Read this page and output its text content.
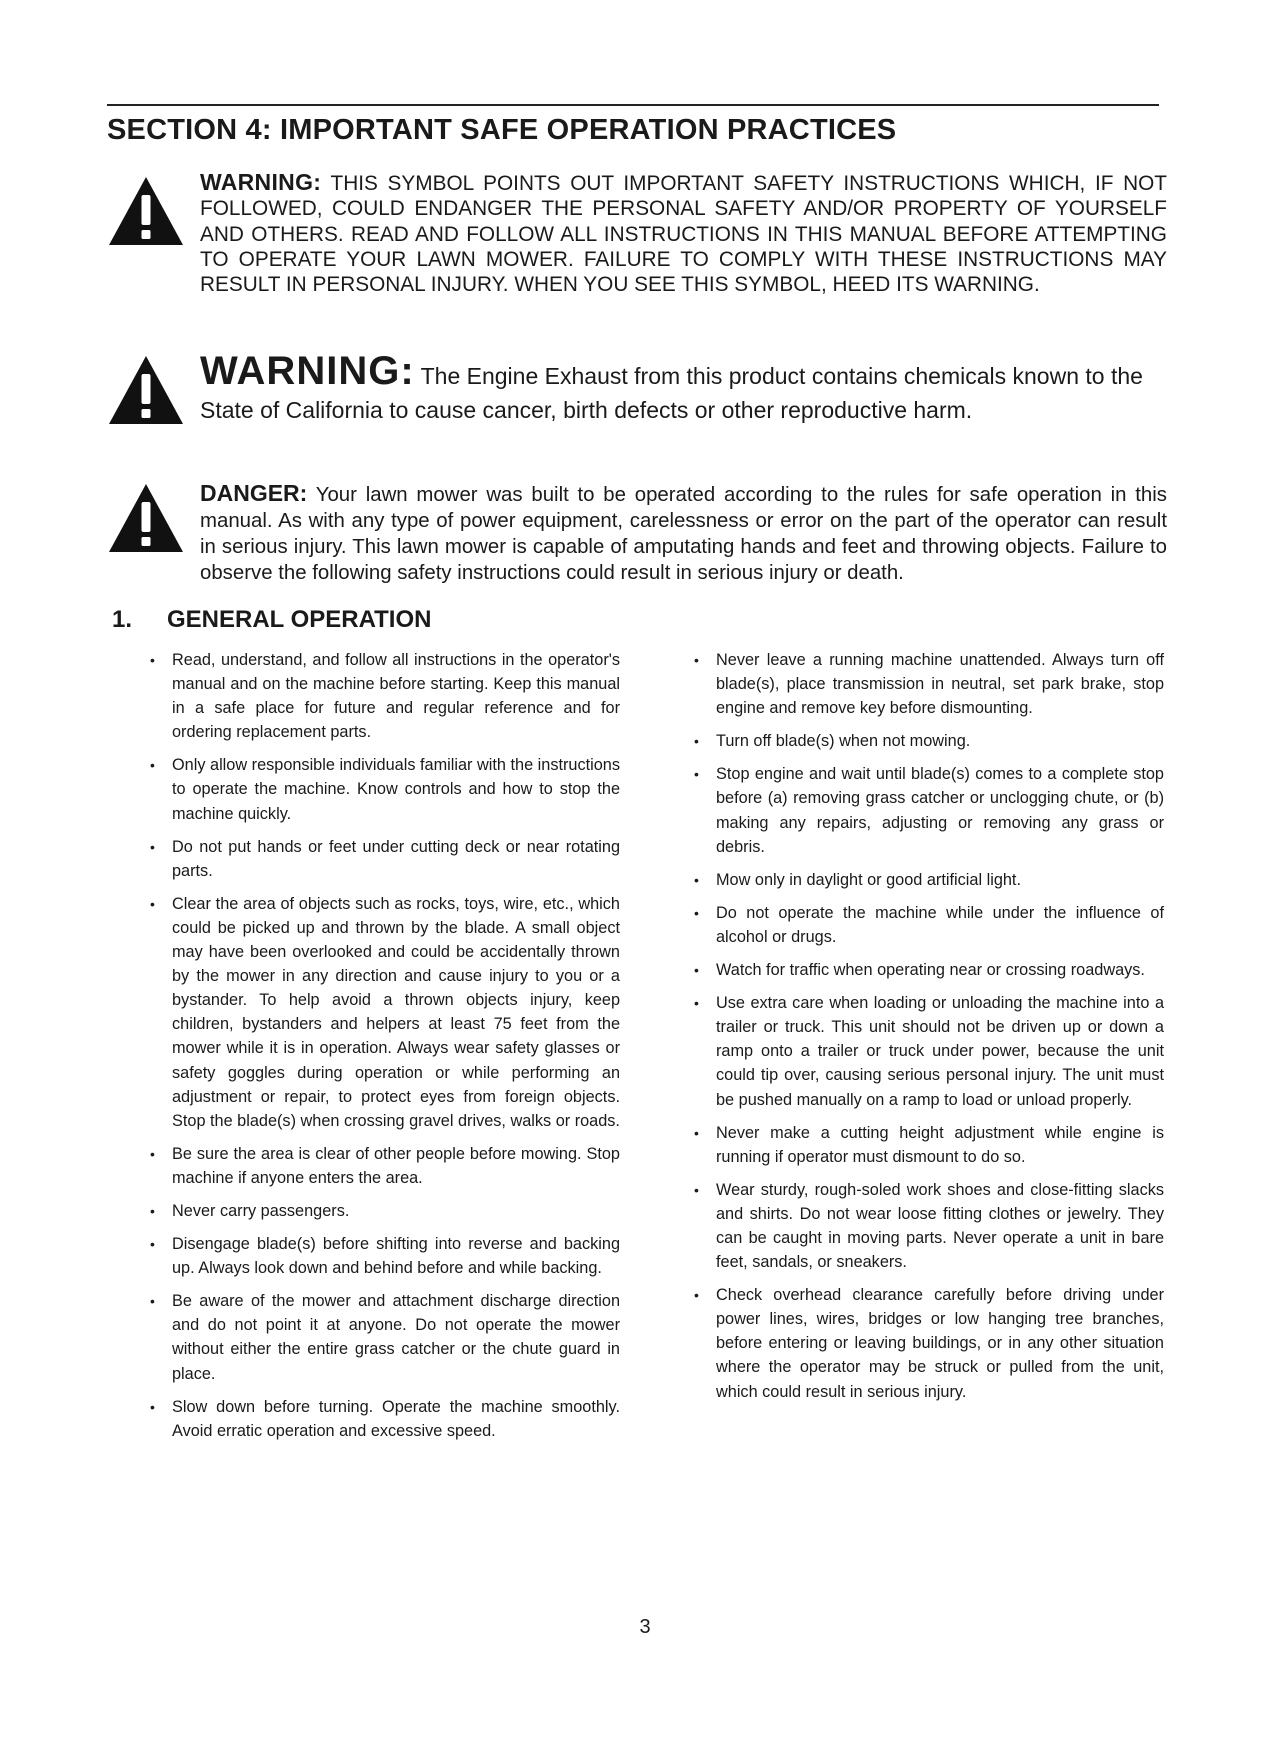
SECTION 4: IMPORTANT SAFE OPERATION PRACTICES
WARNING: THIS SYMBOL POINTS OUT IMPORTANT SAFETY INSTRUCTIONS WHICH, IF NOT FOLLOWED, COULD ENDANGER THE PERSONAL SAFETY AND/OR PROPERTY OF YOURSELF AND OTHERS. READ AND FOLLOW ALL INSTRUCTIONS IN THIS MANUAL BEFORE ATTEMPTING TO OPERATE YOUR LAWN MOWER. FAILURE TO COMPLY WITH THESE INSTRUCTIONS MAY RESULT IN PERSONAL INJURY. WHEN YOU SEE THIS SYMBOL, HEED ITS WARNING.
WARNING: The Engine Exhaust from this product contains chemicals known to the State of California to cause cancer, birth defects or other reproductive harm.
DANGER: Your lawn mower was built to be operated according to the rules for safe operation in this manual. As with any type of power equipment, carelessness or error on the part of the operator can result in serious injury. This lawn mower is capable of amputating hands and feet and throwing objects. Failure to observe the following safety instructions could result in serious injury or death.
1. GENERAL OPERATION
•	Read, understand, and follow all instructions in the operator's manual and on the machine before starting. Keep this manual in a safe place for future and regular reference and for ordering replacement parts.
•	Only allow responsible individuals familiar with the instructions to operate the machine. Know controls and how to stop the machine quickly.
•	Do not put hands or feet under cutting deck or near rotating parts.
•	Clear the area of objects such as rocks, toys, wire, etc., which could be picked up and thrown by the blade. A small object may have been overlooked and could be accidentally thrown by the mower in any direction and cause injury to you or a bystander. To help avoid a thrown objects injury, keep children, bystanders and helpers at least 75 feet from the mower while it is in operation. Always wear safety glasses or safety goggles during operation or while performing an adjustment or repair, to protect eyes from foreign objects. Stop the blade(s) when crossing gravel drives, walks or roads.
•	Be sure the area is clear of other people before mowing. Stop machine if anyone enters the area.
•	Never carry passengers.
•	Disengage blade(s) before shifting into reverse and backing up. Always look down and behind before and while backing.
•	Be aware of the mower and attachment discharge direction and do not point it at anyone. Do not operate the mower without either the entire grass catcher or the chute guard in place.
•	Slow down before turning. Operate the machine smoothly. Avoid erratic operation and excessive speed.
•	Never leave a running machine unattended. Always turn off blade(s), place transmission in neutral, set park brake, stop engine and remove key before dismounting.
•	Turn off blade(s) when not mowing.
•	Stop engine and wait until blade(s) comes to a complete stop before (a) removing grass catcher or unclogging chute, or (b) making any repairs, adjusting or removing any grass or debris.
•	Mow only in daylight or good artificial light.
•	Do not operate the machine while under the influence of alcohol or drugs.
•	Watch for traffic when operating near or crossing roadways.
•	Use extra care when loading or unloading the machine into a trailer or truck. This unit should not be driven up or down a ramp onto a trailer or truck under power, because the unit could tip over, causing serious personal injury. The unit must be pushed manually on a ramp to load or unload properly.
•	Never make a cutting height adjustment while engine is running if operator must dismount to do so.
•	Wear sturdy, rough-soled work shoes and close-fitting slacks and shirts. Do not wear loose fitting clothes or jewelry. They can be caught in moving parts. Never operate a unit in bare feet, sandals, or sneakers.
•	Check overhead clearance carefully before driving under power lines, wires, bridges or low hanging tree branches, before entering or leaving buildings, or in any other situation where the operator may be struck or pulled from the unit, which could result in serious injury.
3
